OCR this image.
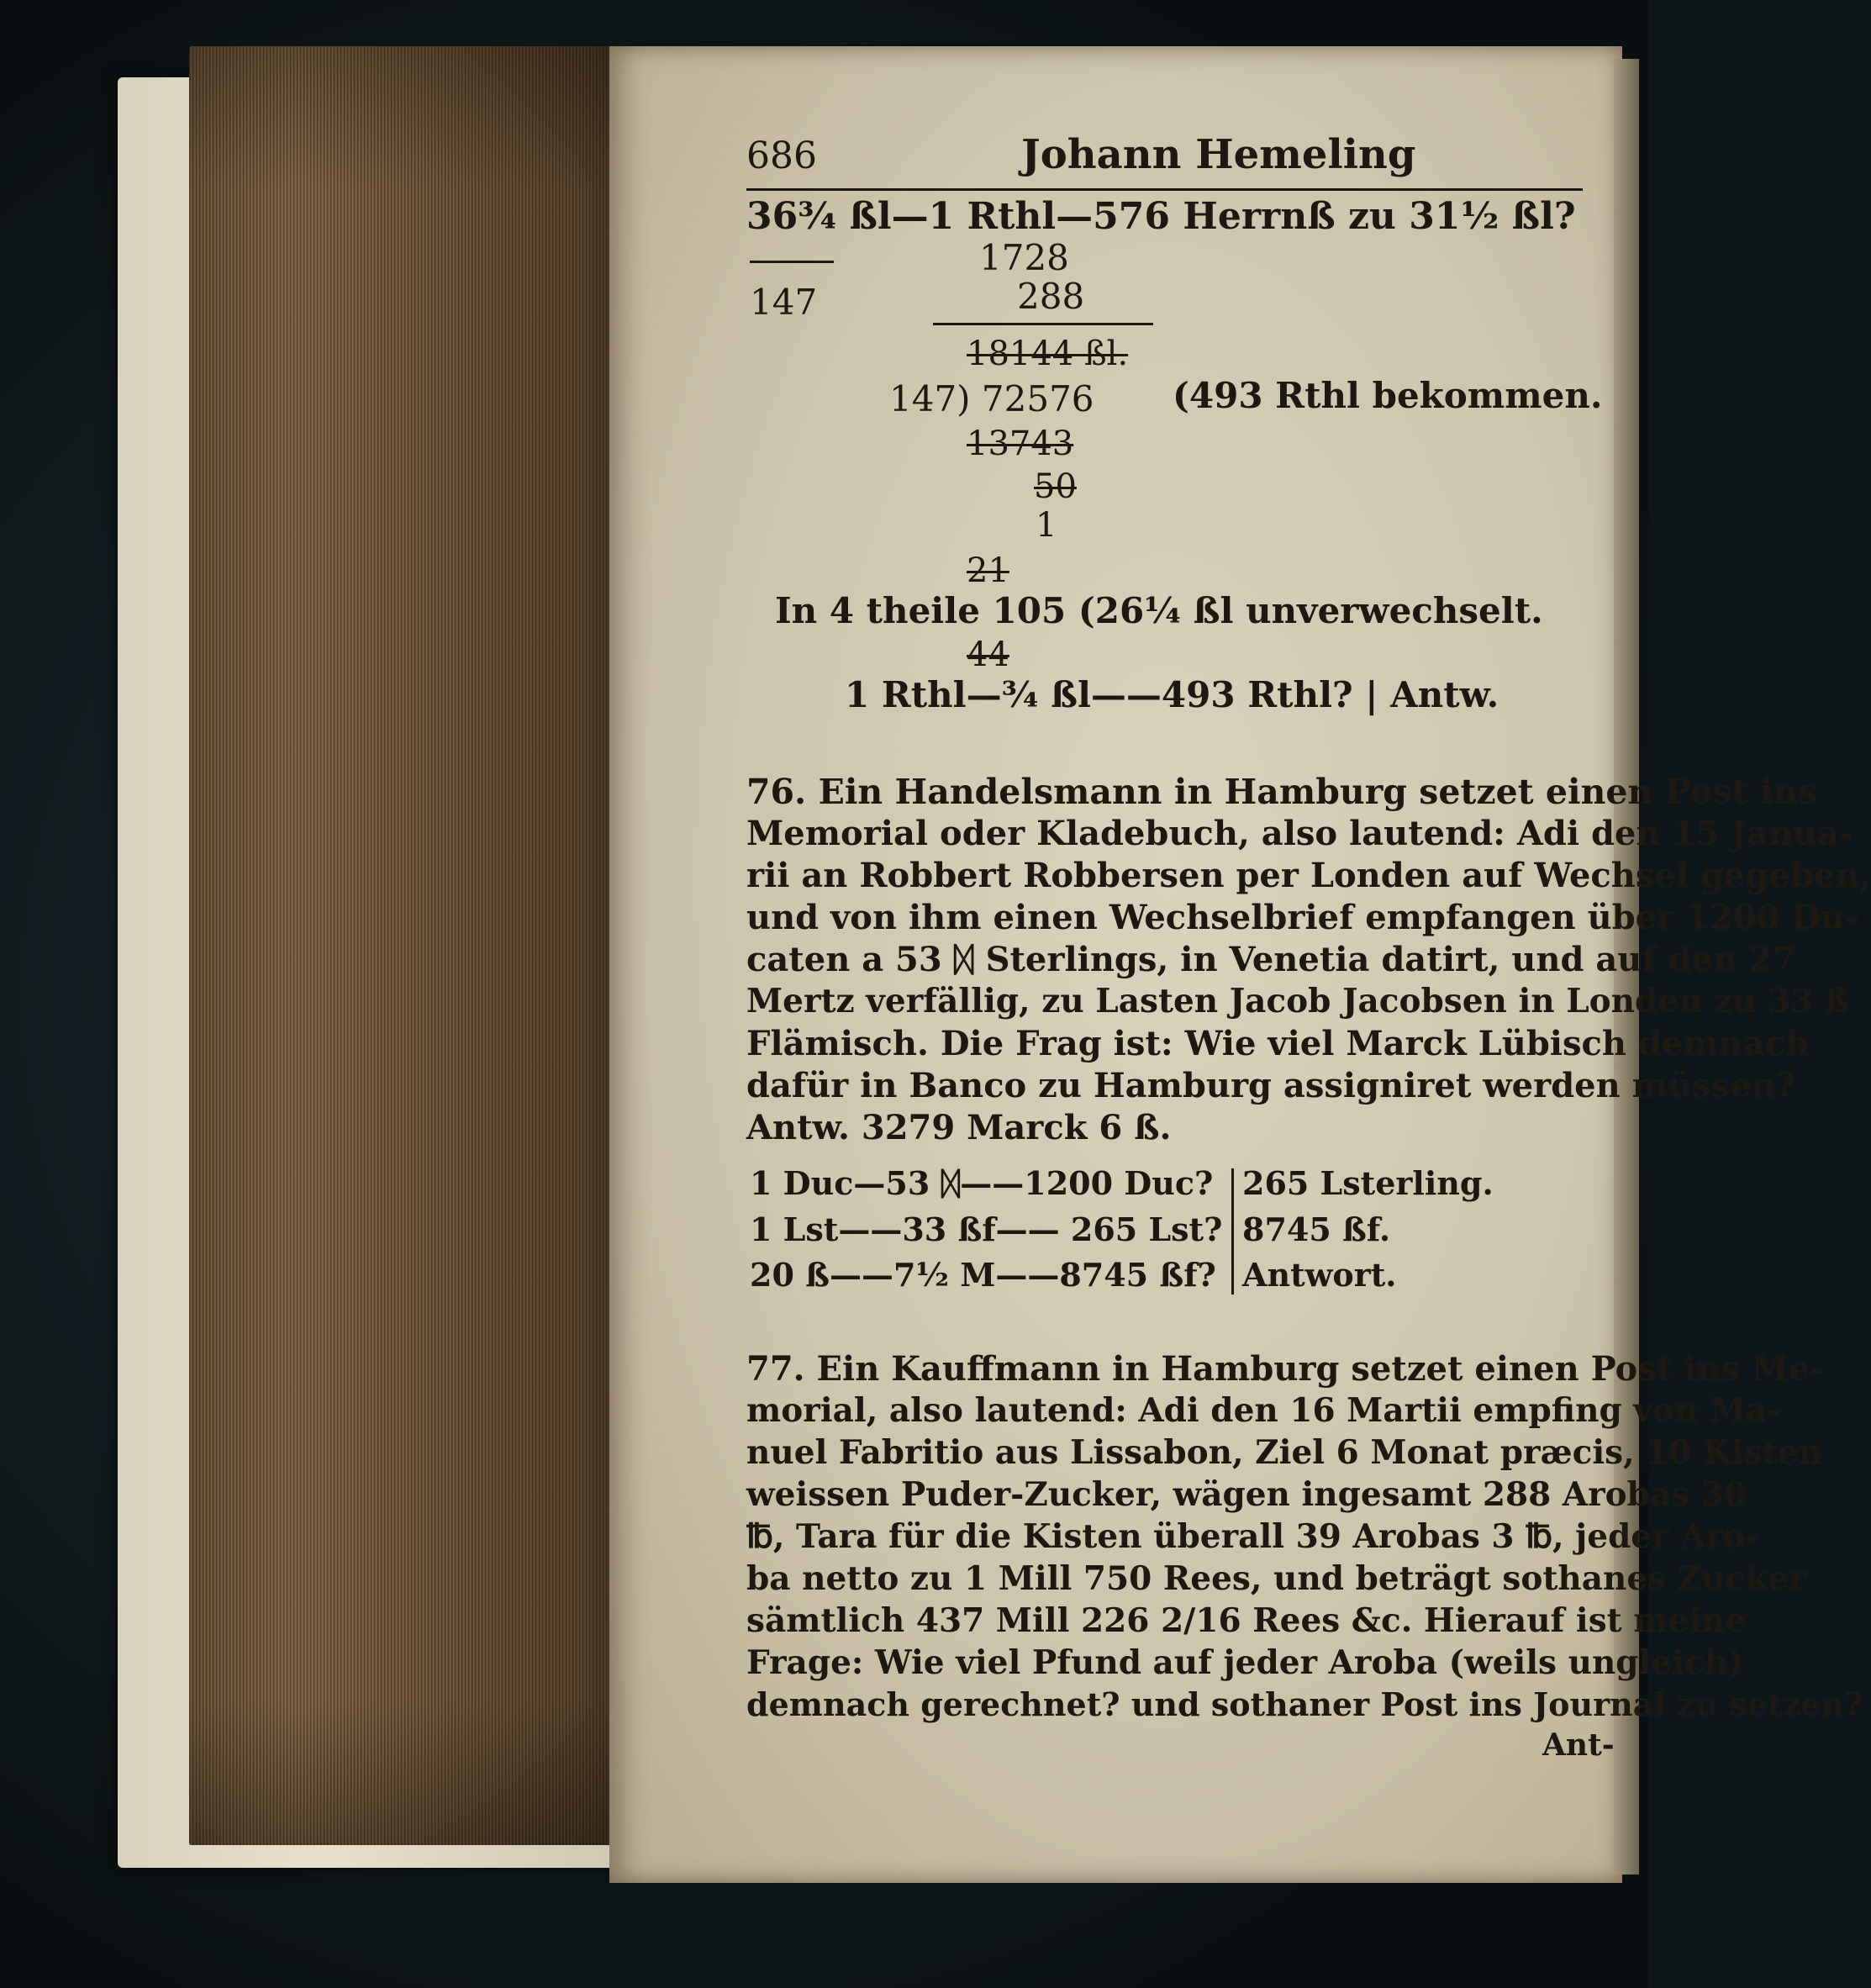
686	Johann Hemeling
36¾ ßl—1 Rthl—576 Herrnß zu 31½ ßl?
1728
147	288
18144 ßl.
147) 72576 (493 Rthl bekommen.
13743
50
1
21
In 4 theile 105 (26¼ ßl unverwechselt.
44
1 Rthl—¾ ßl——493 Rthl? | Antw.
76. Ein Handelsmann in Hamburg setzet einen Post ins
Memorial oder Kladebuch, also lautend: Adi den 15 Janua-
rii an Robbert Robbersen per Londen auf Wechsel gegeben,
und von ihm einen Wechselbrief empfangen über 1200 Du-
caten a 53 ᛞ Sterlings, in Venetia datirt, und auf den 27
Mertz verfällig, zu Lasten Jacob Jacobsen in Londen zu 33 ß
Flämisch. Die Frag ist: Wie viel Marck Lübisch demnach
dafür in Banco zu Hamburg assigniret werden müssen?
Antw. 3279 Marck 6 ß.
1 Duc—53 ᛞ——1200 Duc? 265 Lsterling.
1 Lst——33 ßf—— 265 Lst? 8745 ßf.
20 ß——7½ M——8745 ßf? Antwort.
77. Ein Kauffmann in Hamburg setzet einen Post ins Me-
morial, also lautend: Adi den 16 Martii empfing von Ma-
nuel Fabritio aus Lissabon, Ziel 6 Monat præcis, 10 Kisten
weissen Puder-Zucker, wägen ingesamt 288 Arobas 30
℔, Tara für die Kisten überall 39 Arobas 3 ℔, jeder Aro-
ba netto zu 1 Mill 750 Rees, und beträgt sothanes Zucker
sämtlich 437 Mill 226 2/16 Rees &c. Hierauf ist meine
Frage: Wie viel Pfund auf jeder Aroba (weils ungleich)
demnach gerechnet? und sothaner Post ins Journal zu setzen?
Ant-
